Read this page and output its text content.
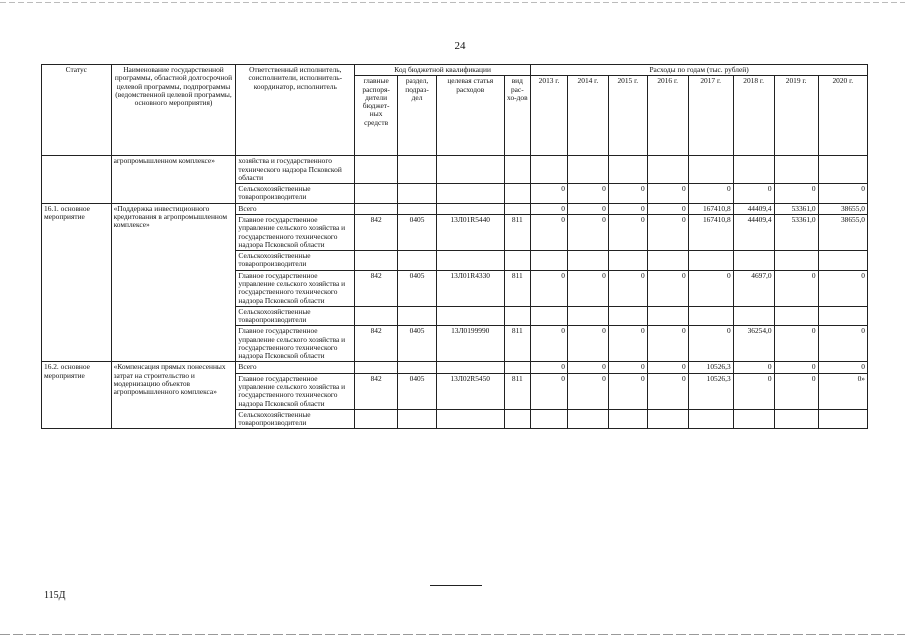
24
Статус	Наименование государственной программы, областной долгосрочной целевой программы, подпрограммы (ведомственной целевой программы, основного мероприятия)	Ответственный исполнитель, соисполнители, исполнитель-координатор, исполнитель	Код бюджетной квалификации				Расходы по годам (тыс. рублей)							
			главные распоря-дители бюджет-ных средств	раздел, подраз-дел	целевая статья расходов	вид рас-хо-дов	2013 г.	2014 г.	2015 г.	2016 г.	2017 г.	2018 г.	2019 г.	2020 г.
	агропромышленном комплексе»	хозяйства и государственного технического надзора Псковской области												
		Сельскохозяйственные товаропроизводители					0	0	0	0	0	0	0	0
16.1. основное мероприятие	«Поддержка инвестиционного кредитования в агропромышленном комплексе»	Всего					0	0	0	0	167410,8	44409,4	53361,0	38655,0
		Главное государственное управление сельского хозяйства и государственного технического надзора Псковской области	842	0405	13Л01R5440	811	0	0	0	0	167410,8	44409,4	53361,0	38655,0
		Сельскохозяйственные товаропроизводители												
		Главное государственное управление сельского хозяйства и государственного технического надзора Псковской области	842	0405	13Л01R4330	811	0	0	0	0	0	4697,0	0	0
		Сельскохозяйственные товаропроизводители												
		Главное государственное управление сельского хозяйства и государственного технического надзора Псковской области	842	0405	13Л0199990	811	0	0	0	0	0	36254,0	0	0
16.2. основное мероприятие	«Компенсация прямых понесенных затрат на строительство и модернизацию объектов агропромышленного комплекса»	Всего					0	0	0	0	10526,3	0	0	0
		Главное государственное управление сельского хозяйства и государственного технического надзора Псковской области	842	0405	13Л02R5450	811	0	0	0	0	10526,3	0	0	0»
		Сельскохозяйственные товаропроизводители												
115Д
